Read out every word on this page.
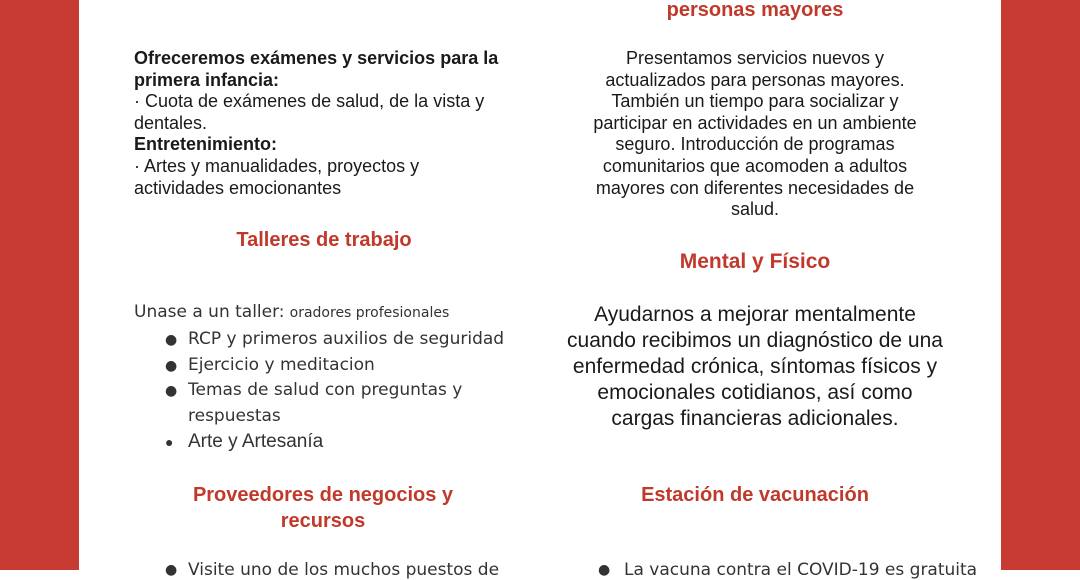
Ofreceremos exámenes y servicios para la primera infancia:
· Cuota de exámenes de salud, de la vista y dentales.
Entretenimiento:
· Artes y manualidades, proyectos y actividades emocionantes
Talleres de trabajo
Unase a un taller: oradores profesionales
● RCP y primeros auxilios de seguridad
● Ejercicio y meditacion
● Temas de salud con preguntas y respuestas
● Arte y Artesanía
Proveedores de negocios y recursos
● Visite uno de los muchos puestos de
personas mayores
Presentamos servicios nuevos y actualizados para personas mayores. También un tiempo para socializar y participar en actividades en un ambiente seguro. Introducción de programas comunitarios que acomoden a adultos mayores con diferentes necesidades de salud.
Mental y Físico
Ayudarnos a mejorar mentalmente cuando recibimos un diagnóstico de una enfermedad crónica, síntomas físicos y emocionales cotidianos, así como cargas financieras adicionales.
Estación de vacunación
● La vacuna contra el COVID-19 es gratuita
